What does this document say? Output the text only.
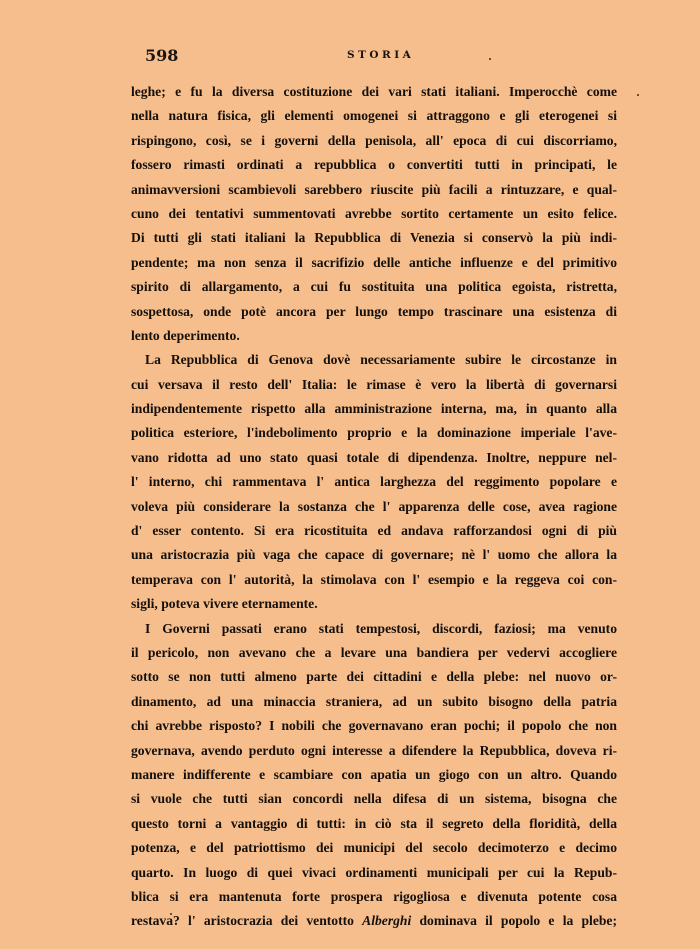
598	STORIA
leghe; e fu la diversa costituzione dei vari stati italiani. Imperocchè come
nella natura fisica, gli elementi omogenei si attraggono e gli eterogenei si
rispingono, così, se i governi della penisola, all' epoca di cui discorriamo,
fossero rimasti ordinati a repubblica o convertiti tutti in principati, le
animavversioni scambievoli sarebbero riuscite più facili a rintuzzare, e qual-
cuno dei tentativi summentovati avrebbe sortito certamente un esito felice.
Di tutti gli stati italiani la Repubblica di Venezia si conservò la più indi-
pendente; ma non senza il sacrifizio delle antiche influenze e del primitivo
spirito di allargamento, a cui fu sostituita una politica egoista, ristretta,
sospettosa, onde potè ancora per lungo tempo trascinare una esistenza di
lento deperimento.
La Repubblica di Genova dovè necessariamente subire le circostanze in
cui versava il resto dell' Italia: le rimase è vero la libertà di governarsi
indipendentemente rispetto alla amministrazione interna, ma, in quanto alla
politica esteriore, l'indebolimento proprio e la dominazione imperiale l'ave-
vano ridotta ad uno stato quasi totale di dipendenza. Inoltre, neppure nel-
l' interno, chi rammentava l' antica larghezza del reggimento popolare e
voleva più considerare la sostanza che l' apparenza delle cose, avea ragione
d' esser contento. Si era ricostituita ed andava rafforzandosi ogni di più
una aristocrazia più vaga che capace di governare; nè l' uomo che allora la
temperava con l' autorità, la stimolava con l' esempio e la reggeva coi con-
sigli, poteva vivere eternamente.
I Governi passati erano stati tempestosi, discordi, faziosi; ma venuto
il pericolo, non avevano che a levare una bandiera per vedervi accogliere
sotto se non tutti almeno parte dei cittadini e della plebe: nel nuovo or-
dinamento, ad una minaccia straniera, ad un subito bisogno della patria
chi avrebbe risposto? I nobili che governavano eran pochi; il popolo che non
governava, avendo perduto ogni interesse a difendere la Repubblica, doveva ri-
manere indifferente e scambiare con apatia un giogo con un altro. Quando
si vuole che tutti sian concordi nella difesa di un sistema, bisogna che
questo torni a vantaggio di tutti: in ciò sta il segreto della floridità, della
potenza, e del patriottismo dei municipi del secolo decimoterzo e decimo
quarto. In luogo di quei vivaci ordinamenti municipali per cui la Repub-
blica si era mantenuta forte prospera rigogliosa e divenuta potente cosa
restava? l' aristocrazia dei ventotto Alberghi dominava il popolo e la plebe;
